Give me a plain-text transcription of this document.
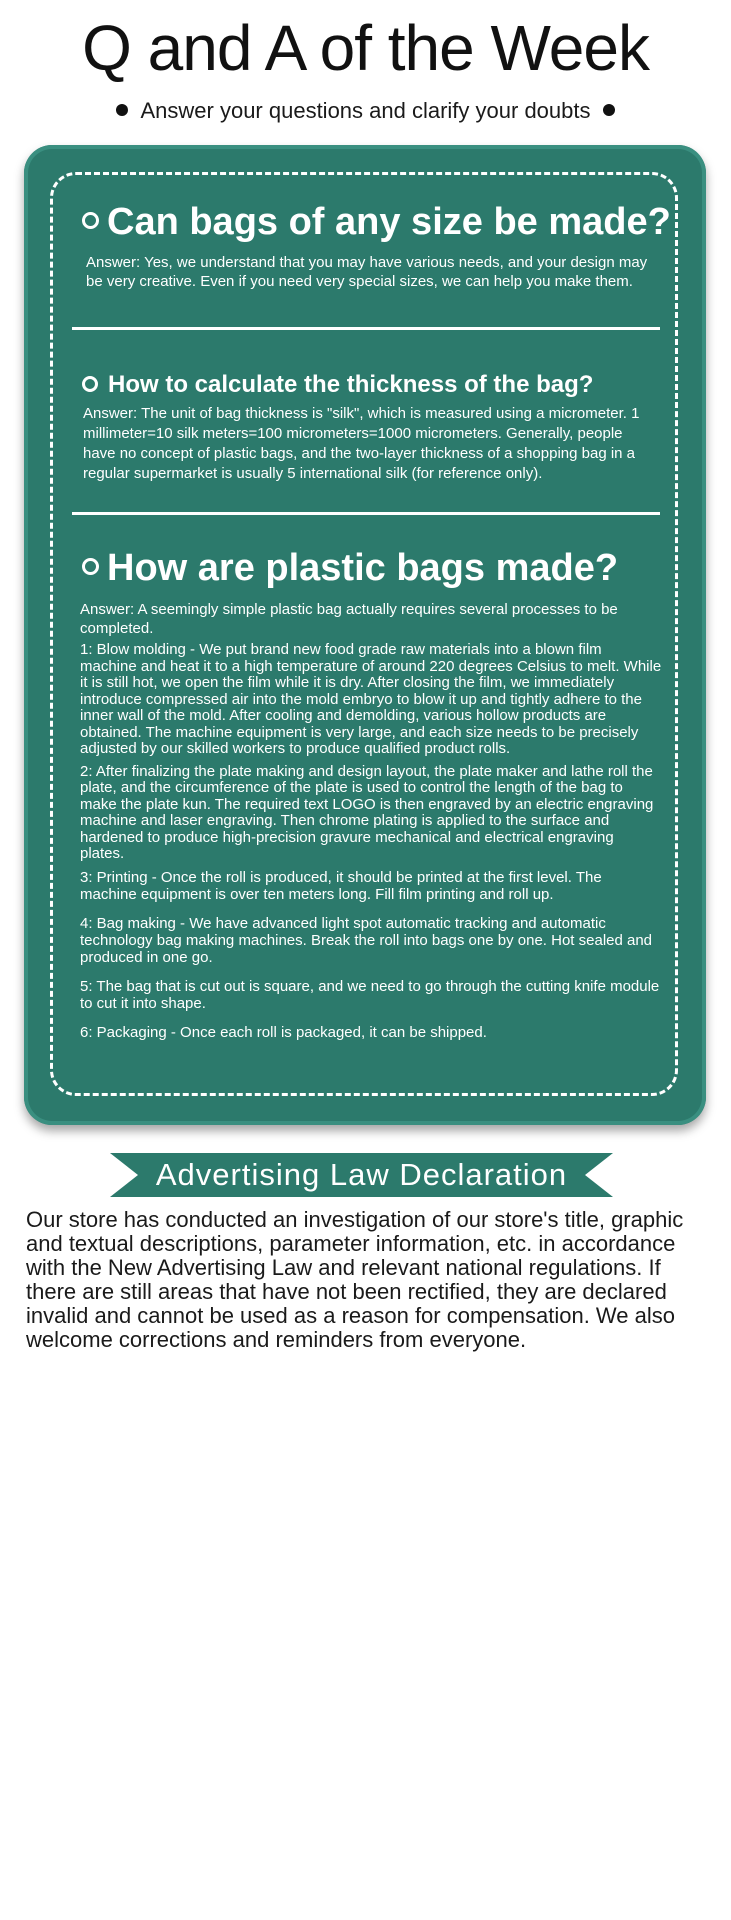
Q and A of the Week
Answer your questions and clarify your doubts
Can bags of any size be made?

Answer: Yes, we understand that you may have various needs, and your design may be very creative. Even if you need very special sizes, we can help you make them.

How to calculate the thickness of the bag?

Answer: The unit of bag thickness is "silk", which is measured using a micrometer. 1 millimeter=10 silk meters=100 micrometers=1000 micrometers. Generally, people have no concept of plastic bags, and the two-layer thickness of a shopping bag in a regular supermarket is usually 5 international silk (for reference only).

How are plastic bags made?

Answer: A seemingly simple plastic bag actually requires several processes to be completed.

1: Blow molding - We put brand new food grade raw materials into a blown film machine and heat it to a high temperature of around 220 degrees Celsius to melt. While it is still hot, we open the film while it is dry. After closing the film, we immediately introduce compressed air into the mold embryo to blow it up and tightly adhere to the inner wall of the mold. After cooling and demolding, various hollow products are obtained. The machine equipment is very large, and each size needs to be precisely adjusted by our skilled workers to produce qualified product rolls.

2: After finalizing the plate making and design layout, the plate maker and lathe roll the plate, and the circumference of the plate is used to control the length of the bag to make the plate kun. The required text LOGO is then engraved by an electric engraving machine and laser engraving. Then chrome plating is applied to the surface and hardened to produce high-precision gravure mechanical and electrical engraving plates.

3: Printing - Once the roll is produced, it should be printed at the first level. The machine equipment is over ten meters long. Fill film printing and roll up.

4: Bag making - We have advanced light spot automatic tracking and automatic technology bag making machines. Break the roll into bags one by one. Hot sealed and produced in one go.

5: The bag that is cut out is square, and we need to go through the cutting knife module to cut it into shape.

6: Packaging - Once each roll is packaged, it can be shipped.

Advertising Law Declaration
Our store has conducted an investigation of our store's title, graphic and textual descriptions, parameter information, etc. in accordance with the New Advertising Law and relevant national regulations. If there are still areas that have not been rectified, they are declared invalid and cannot be used as a reason for compensation. We also welcome corrections and reminders from everyone.
